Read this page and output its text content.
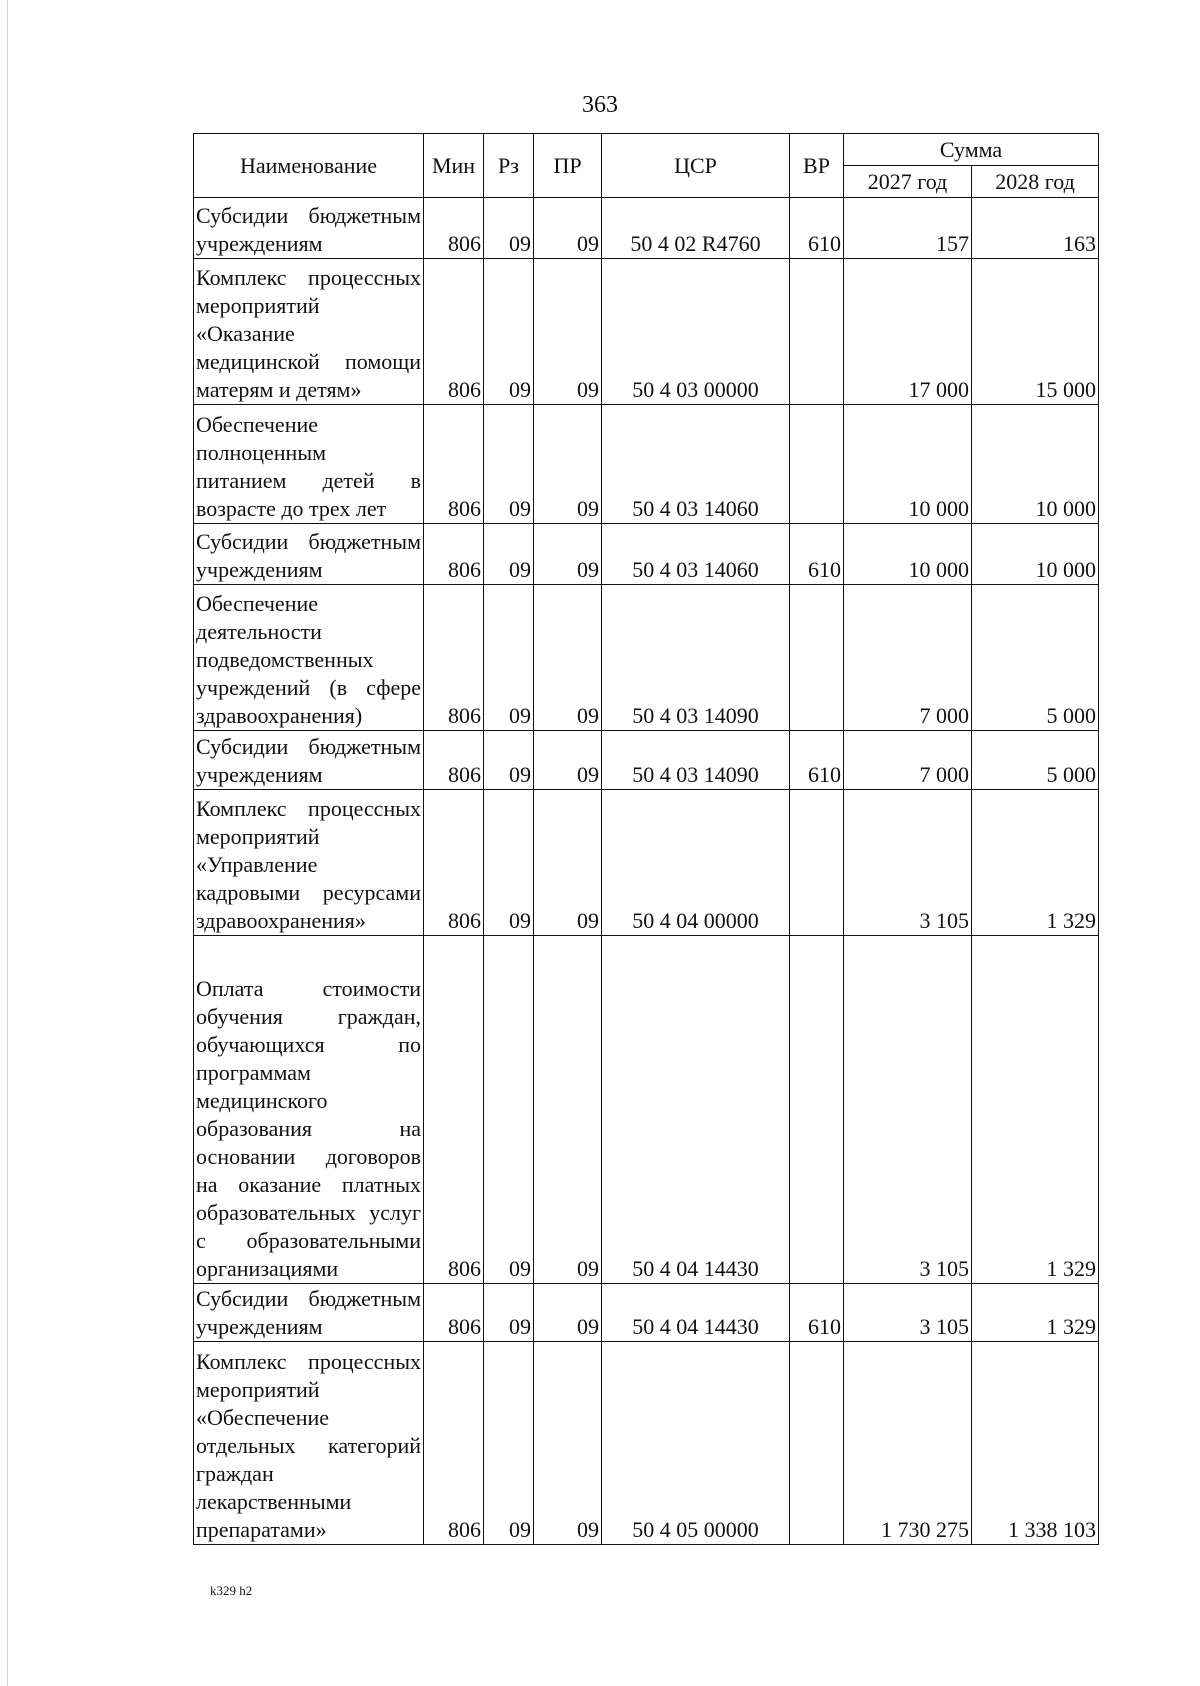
363
Наименование	Мин	Рз	ПР	ЦСР	ВР	Сумма	
						2027 год	2028 год
Субсидии бюджетным учреждениям	806	09	09	50 4 02 R4760	610	157	163
Комплекс процессных мероприятий «Оказание медицинской помощи матерям и детям»	806	09	09	50 4 03 00000		17 000	15 000
Обеспечение полноценным питанием детей в возрасте до трех лет	806	09	09	50 4 03 14060		10 000	10 000
Субсидии бюджетным учреждениям	806	09	09	50 4 03 14060	610	10 000	10 000
Обеспечение деятельности подведомственных учреждений (в сфере здравоохранения)	806	09	09	50 4 03 14090		7 000	5 000
Субсидии бюджетным учреждениям	806	09	09	50 4 03 14090	610	7 000	5 000
Комплекс процессных мероприятий «Управление кадровыми ресурсами здравоохранения»	806	09	09	50 4 04 00000		3 105	1 329
Оплата стоимости обучения граждан, обучающихся по программам медицинского образования на основании договоров на оказание платных образовательных услуг с образовательными организациями	806	09	09	50 4 04 14430		3 105	1 329
Субсидии бюджетным учреждениям	806	09	09	50 4 04 14430	610	3 105	1 329
Комплекс процессных мероприятий «Обеспечение отдельных категорий граждан лекарственными препаратами»	806	09	09	50 4 05 00000		1 730 275	1 338 103
k329 h2
